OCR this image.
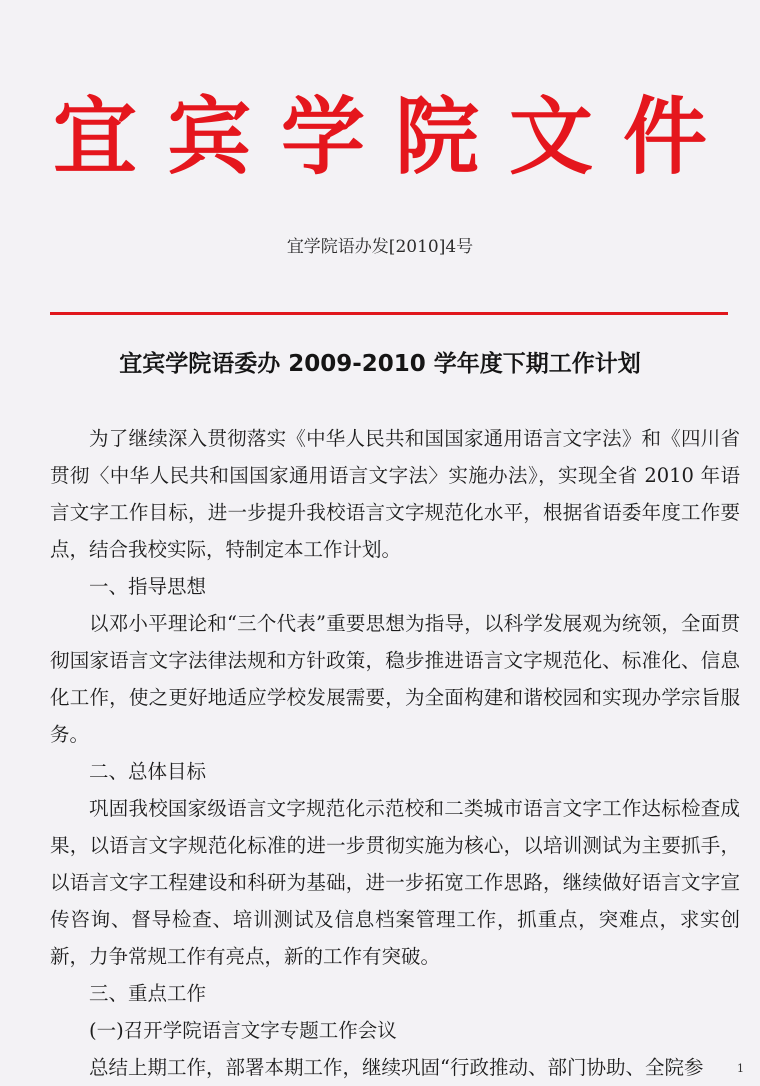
宜宾学院文件
宜学院语办发[2010]4号
宜宾学院语委办 2009-2010 学年度下期工作计划

为了继续深入贯彻落实《中华人民共和国国家通用语言文字法》和《四川省贯彻〈中华人民共和国国家通用语言文字法〉实施办法》，实现全省 2010 年语言文字工作目标，进一步提升我校语言文字规范化水平，根据省语委年度工作要点，结合我校实际，特制定本工作计划。

一、指导思想

以邓小平理论和“三个代表”重要思想为指导，以科学发展观为统领，全面贯彻国家语言文字法律法规和方针政策，稳步推进语言文字规范化、标准化、信息化工作，使之更好地适应学校发展需要，为全面构建和谐校园和实现办学宗旨服务。

二、总体目标

巩固我校国家级语言文字规范化示范校和二类城市语言文字工作达标检查成果，以语言文字规范化标准的进一步贯彻实施为核心，以培训测试为主要抓手，以语言文字工程建设和科研为基础，进一步拓宽工作思路，继续做好语言文字宣传咨询、督导检查、培训测试及信息档案管理工作，抓重点，突难点，求实创新，力争常规工作有亮点，新的工作有突破。

三、重点工作

(一)召开学院语言文字专题工作会议

总结上期工作，部署本期工作，继续巩固“行政推动、部门协助、全院参	1
